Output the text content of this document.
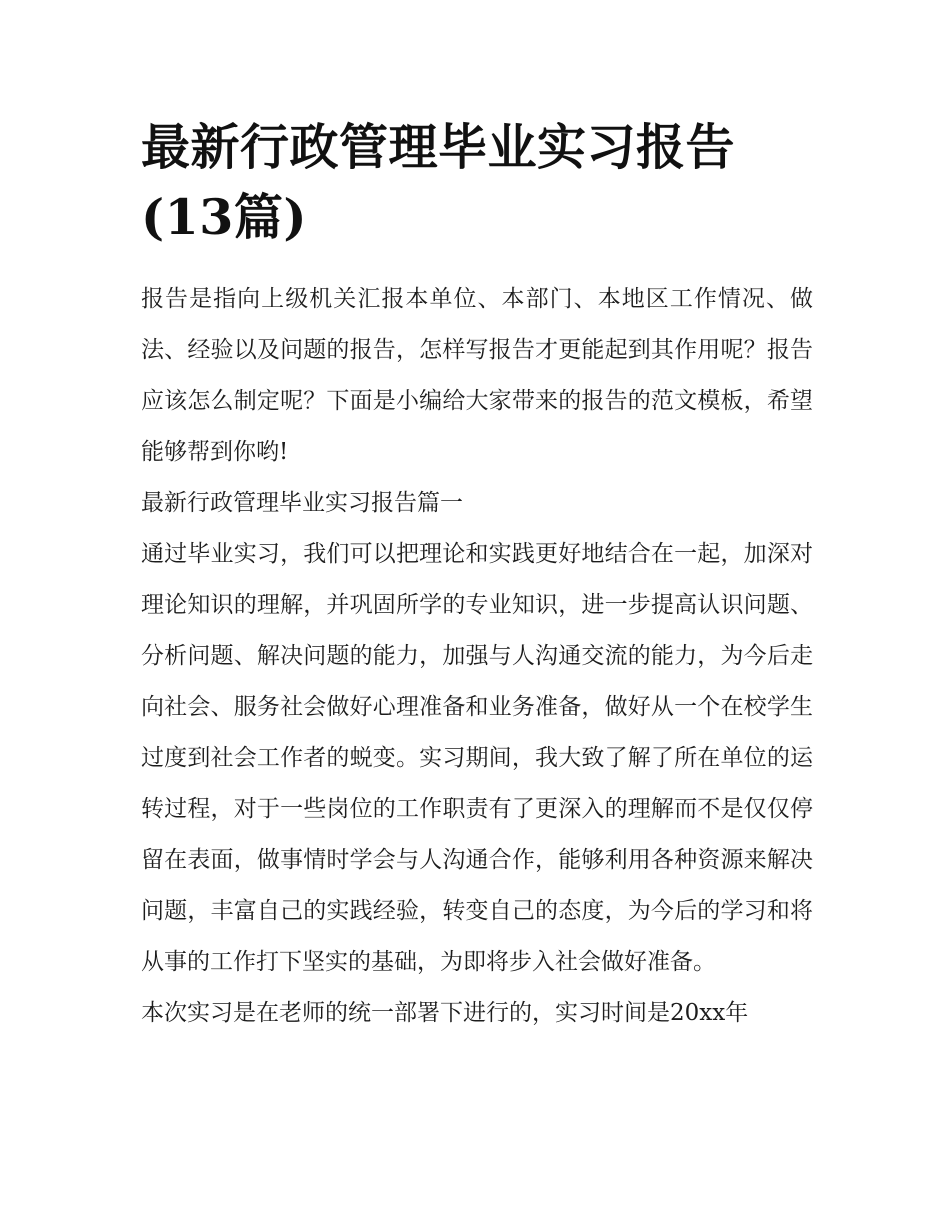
最新行政管理毕业实习报告(13篇)

报告是指向上级机关汇报本单位、本部门、本地区工作情况、做法、经验以及问题的报告，怎样写报告才更能起到其作用呢？报告应该怎么制定呢？下面是小编给大家带来的报告的范文模板，希望能够帮到你哟!

最新行政管理毕业实习报告篇一

通过毕业实习，我们可以把理论和实践更好地结合在一起，加深对理论知识的理解，并巩固所学的专业知识，进一步提高认识问题、分析问题、解决问题的能力，加强与人沟通交流的能力，为今后走向社会、服务社会做好心理准备和业务准备，做好从一个在校学生过度到社会工作者的蜕变。实习期间，我大致了解了所在单位的运转过程，对于一些岗位的工作职责有了更深入的理解而不是仅仅停留在表面，做事情时学会与人沟通合作，能够利用各种资源来解决问题，丰富自己的实践经验，转变自己的态度，为今后的学习和将从事的工作打下坚实的基础，为即将步入社会做好准备。

本次实习是在老师的统一部署下进行的，实习时间是20xx年
